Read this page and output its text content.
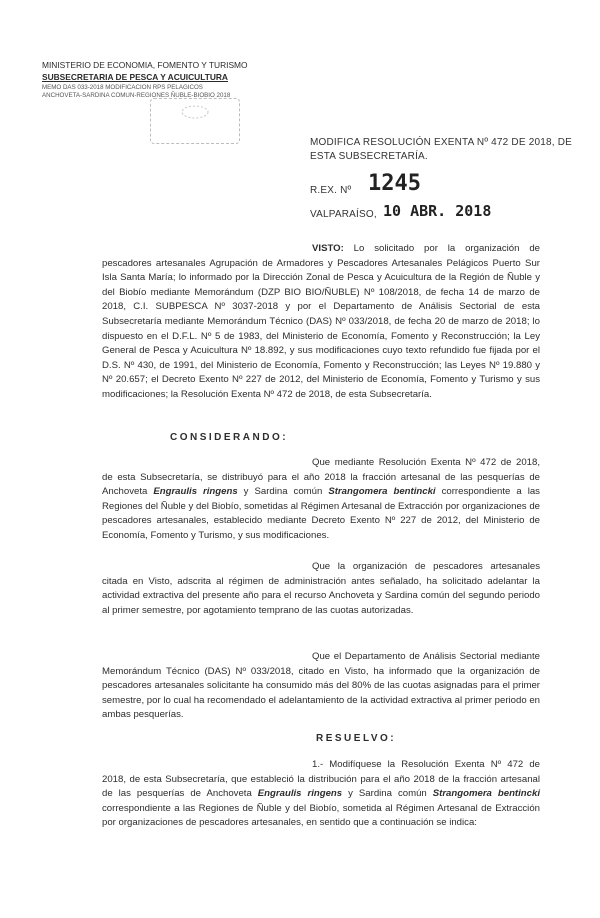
MINISTERIO DE ECONOMIA, FOMENTO Y TURISMO
SUBSECRETARIA DE PESCA Y ACUICULTURA
MEMO DAS 033-2018 MODIFICACION RPS PELAGICOS
ANCHOVETA-SARDINA COMUN-REGIONES ÑUBLE-BIOBIO 2018
MODIFICA RESOLUCIÓN EXENTA Nº 472 DE 2018, DE
ESTA SUBSECRETARÍA.
R.EX. Nº 1245
VALPARAÍSO, 10 ABR. 2018

VISTO: Lo solicitado por la organización de pescadores artesanales Agrupación de Armadores y Pescadores Artesanales Pelágicos Puerto Sur Isla Santa María; lo informado por la Dirección Zonal de Pesca y Acuicultura de la Región de Ñuble y del Biobío mediante Memorándum (DZP BIO BIO/ÑUBLE) Nº 108/2018, de fecha 14 de marzo de 2018, C.I. SUBPESCA Nº 3037-2018 y por el Departamento de Análisis Sectorial de esta Subsecretaría mediante Memorándum Técnico (DAS) Nº 033/2018, de fecha 20 de marzo de 2018; lo dispuesto en el D.F.L. Nº 5 de 1983, del Ministerio de Economía, Fomento y Reconstrucción; la Ley General de Pesca y Acuicultura Nº 18.892, y sus modificaciones cuyo texto refundido fue fijada por el D.S. Nº 430, de 1991, del Ministerio de Economía, Fomento y Reconstrucción; las Leyes Nº 19.880 y Nº 20.657; el Decreto Exento Nº 227 de 2012, del Ministerio de Economía, Fomento y Turismo y sus modificaciones; la Resolución Exenta Nº 472 de 2018, de esta Subsecretaría.

CONSIDERANDO:

Que mediante Resolución Exenta Nº 472 de 2018, de esta Subsecretaría, se distribuyó para el año 2018 la fracción artesanal de las pesquerías de Anchoveta Engraulis ringens y Sardina común Strangomera bentincki correspondiente a las Regiones del Ñuble y del Biobío, sometidas al Régimen Artesanal de Extracción por organizaciones de pescadores artesanales, establecido mediante Decreto Exento Nº 227 de 2012, del Ministerio de Economía, Fomento y Turismo, y sus modificaciones.

Que la organización de pescadores artesanales citada en Visto, adscrita al régimen de administración antes señalado, ha solicitado adelantar la actividad extractiva del presente año para el recurso Anchoveta y Sardina común del segundo periodo al primer semestre, por agotamiento temprano de las cuotas autorizadas.

Que el Departamento de Análisis Sectorial mediante Memorándum Técnico (DAS) Nº 033/2018, citado en Visto, ha informado que la organización de pescadores artesanales solicitante ha consumido más del 80% de las cuotas asignadas para el primer semestre, por lo cual ha recomendado el adelantamiento de la actividad extractiva al primer periodo en ambas pesquerías.

RESUELVO:

1.- Modifíquese la Resolución Exenta Nº 472 de 2018, de esta Subsecretaría, que estableció la distribución para el año 2018 de la fracción artesanal de las pesquerías de Anchoveta Engraulis ringens y Sardina común Strangomera bentincki correspondiente a las Regiones de Ñuble y del Biobío, sometida al Régimen Artesanal de Extracción por organizaciones de pescadores artesanales, en sentido que a continuación se indica:
